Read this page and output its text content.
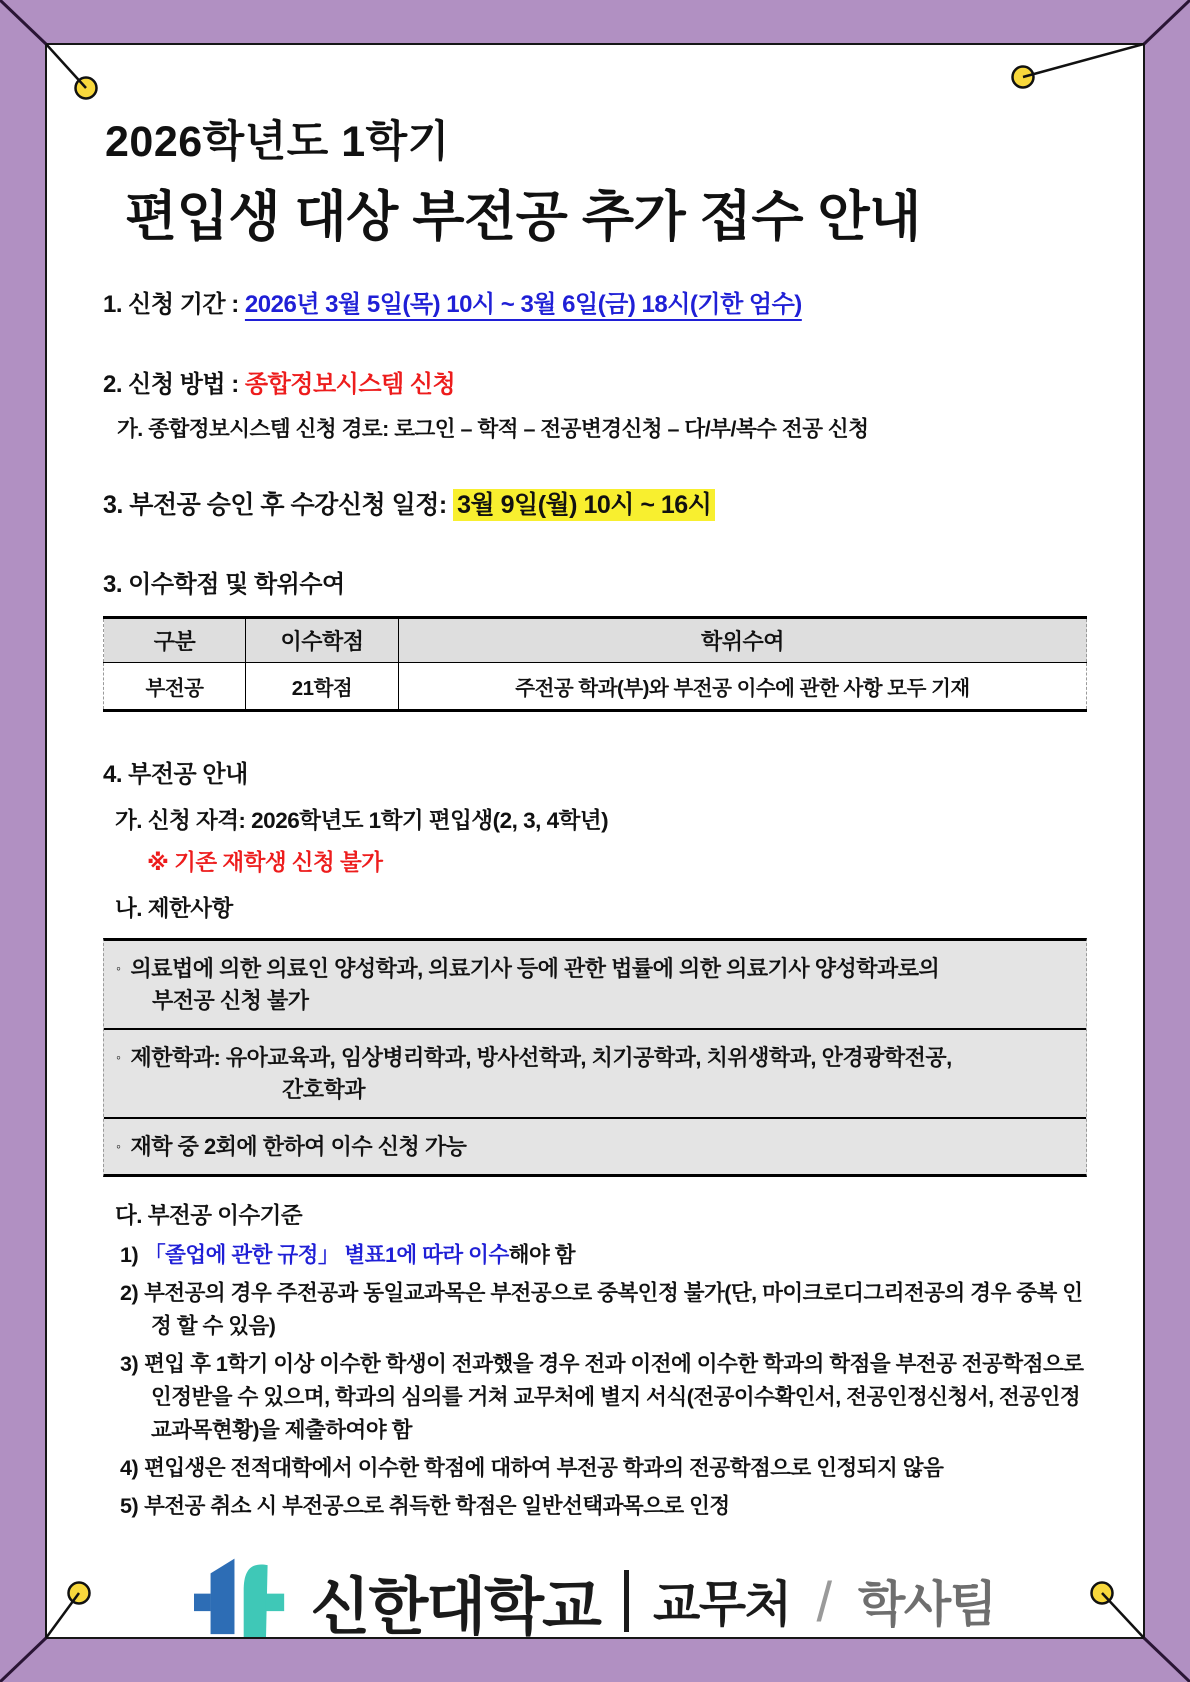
2026학년도 1학기
편입생 대상 부전공 추가 접수 안내

1. 신청 기간 : 2026년 3월 5일(목) 10시 ~ 3월 6일(금) 18시(기한 엄수)

2. 신청 방법 : 종합정보시스템 신청

가. 종합정보시스템 신청 경로: 로그인 – 학적 – 전공변경신청 – 다/부/복수 전공 신청

3. 부전공 승인 후 수강신청 일정: 3월 9일(월) 10시 ~ 16시

3. 이수학점 및 학위수여

구분	이수학점	학위수여
부전공	21학점	주전공 학과(부)와 부전공 이수에 관한 사항 모두 기재

4. 부전공 안내

가. 신청 자격: 2026학년도 1학기 편입생(2, 3, 4학년)

※ 기존 재학생 신청 불가

나. 제한사항

◦ 의료법에 의한 의료인 양성학과, 의료기사 등에 관한 법률에 의한 의료기사 양성학과로의
부전공 신청 불가
◦ 제한학과: 유아교육과, 임상병리학과, 방사선학과, 치기공학과, 치위생학과, 안경광학전공,
간호학과
◦ 재학 중 2회에 한하여 이수 신청 가능

다. 부전공 이수기준

1) 「졸업에 관한 규정」 별표1에 따라 이수해야 함

2) 부전공의 경우 주전공과 동일교과목은 부전공으로 중복인정 불가(단, 마이크로디그리전공의 경우 중복 인정 할 수 있음)

3) 편입 후 1학기 이상 이수한 학생이 전과했을 경우 전과 이전에 이수한 학과의 학점을 부전공 전공학점으로 인정받을 수 있으며, 학과의 심의를 거쳐 교무처에 별지 서식(전공이수확인서, 전공인정신청서, 전공인정교과목현황)을 제출하여야 함

4) 편입생은 전적대학에서 이수한 학점에 대하여 부전공 학과의 전공학점으로 인정되지 않음

5) 부전공 취소 시 부전공으로 취득한 학점은 일반선택과목으로 인정

신한대학교 교무처 / 학사팀
